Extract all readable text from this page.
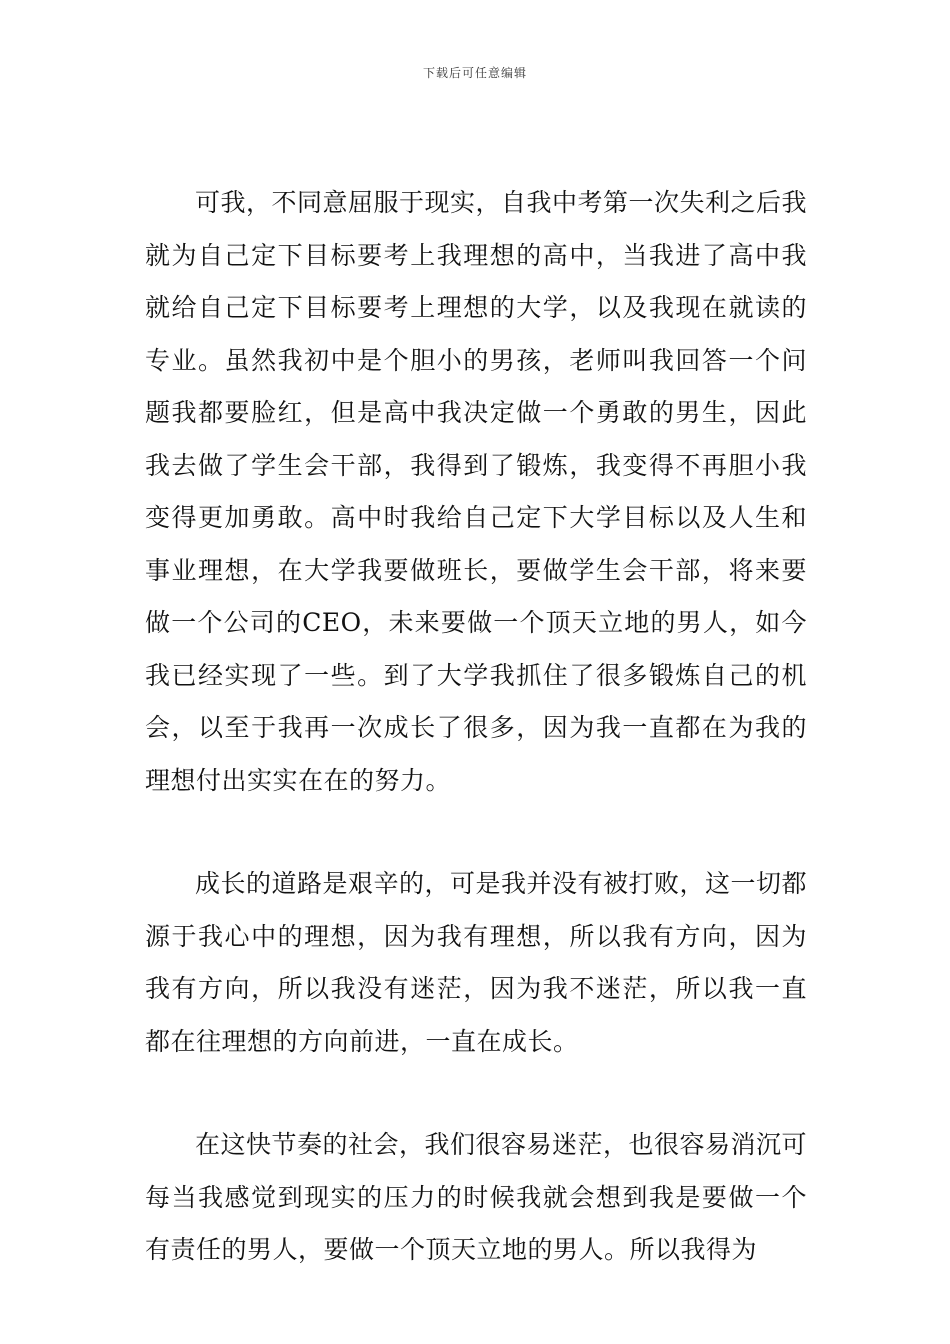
下载后可任意编辑

可我，不同意屈服于现实，自我中考第一次失利之后我就为自己定下目标要考上我理想的高中，当我进了高中我就给自己定下目标要考上理想的大学，以及我现在就读的专业。虽然我初中是个胆小的男孩，老师叫我回答一个问题我都要脸红，但是高中我决定做一个勇敢的男生，因此我去做了学生会干部，我得到了锻炼，我变得不再胆小我变得更加勇敢。高中时我给自己定下大学目标以及人生和事业理想，在大学我要做班长，要做学生会干部，将来要做一个公司的CEO，未来要做一个顶天立地的男人，如今我已经实现了一些。到了大学我抓住了很多锻炼自己的机会，以至于我再一次成长了很多，因为我一直都在为我的理想付出实实在在的努力。

成长的道路是艰辛的，可是我并没有被打败，这一切都源于我心中的理想，因为我有理想，所以我有方向，因为我有方向，所以我没有迷茫，因为我不迷茫，所以我一直都在往理想的方向前进，一直在成长。

在这快节奏的社会，我们很容易迷茫，也很容易消沉可每当我感觉到现实的压力的时候我就会想到我是要做一个有责任的男人，要做一个顶天立地的男人。所以我得为
